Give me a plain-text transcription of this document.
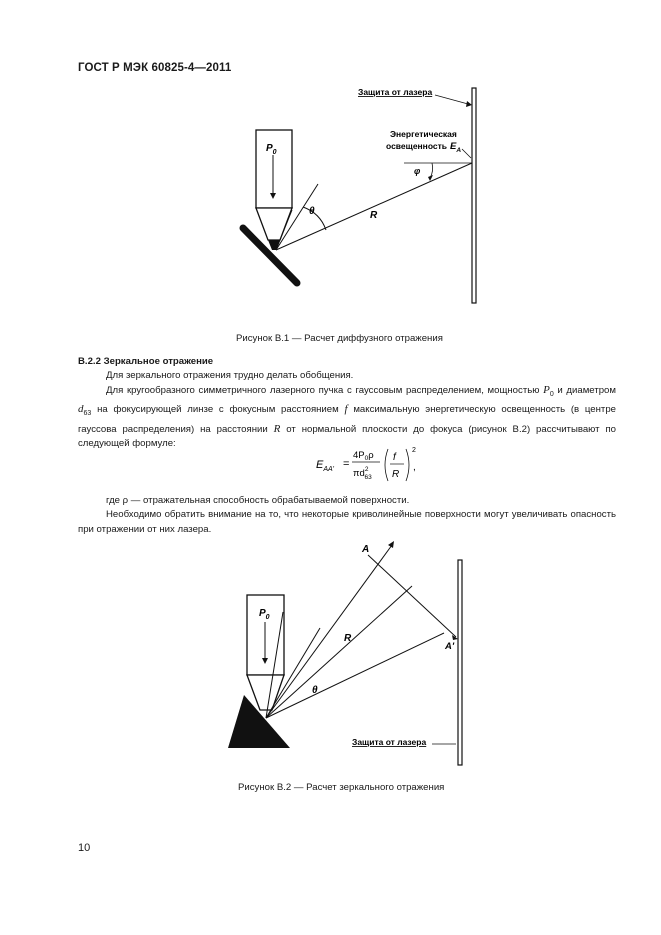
ГОСТ Р МЭК 60825-4—2011
$P_0$
θ	R
Защита от лазера
Энергетическая
освещенность $E_A$
φ
Рисунок В.1 — Расчет диффузного отражения
В.2.2 Зеркальное отражение
Для зеркального отражения трудно делать обобщения.
Для кругообразного симметричного лазерного пучка с гауссовым распределением, мощностью $P_0$ и диаметром $d_{63}$ на фокусирующей линзе с фокусным расстоянием f максимальную энергетическую освещенность (в центре гауссова распределения) на расстоянии R от нормальной плоскости до фокуса (рисунок В.2) рассчитывают по следующей формуле:
$E_{AA'}$ =
$4P_0\rho$
$\pi d^2$ 63
f
R
2
,
где ρ — отражательная способность обрабатываемой поверхности.
Необходимо обратить внимание на то, что некоторые криволинейные поверхности могут увеличивать опасность при отражении от них лазера.
$P_0$
A
A'
R
θ
Защита от лазера
Рисунок В.2 — Расчет зеркального отражения
10
